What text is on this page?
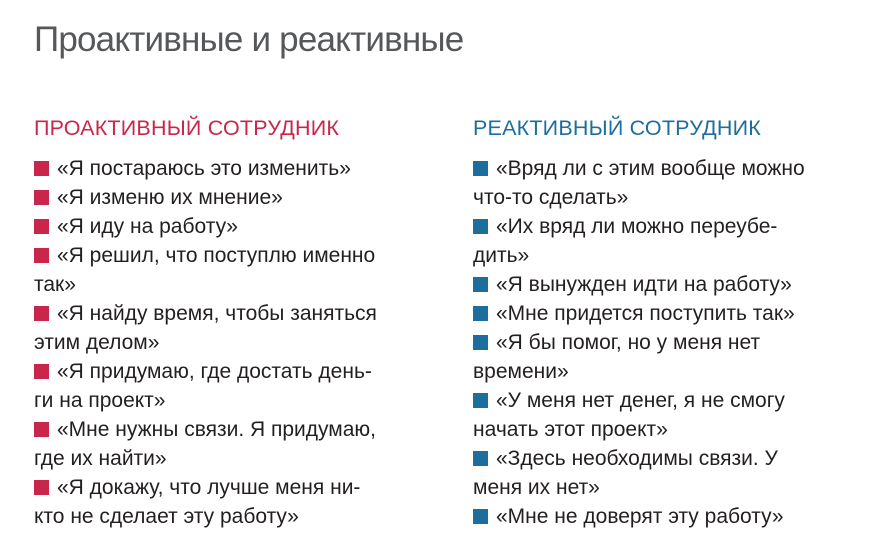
Проактивные и реактивные
ПРОАКТИВНЫЙ СОТРУДНИК
«Я постараюсь это изменить»
«Я изменю их мнение»
«Я иду на работу»
«Я решил, что поступлю именно
так»
«Я найду время, чтобы заняться
этим делом»
«Я придумаю, где достать день-
ги на проект»
«Мне нужны связи. Я придумаю,
где их найти»
«Я докажу, что лучше меня ни-
кто не сделает эту работу»
РЕАКТИВНЫЙ СОТРУДНИК
«Вряд ли с этим вообще можно
что-то сделать»
«Их вряд ли можно переубе-
дить»
«Я вынужден идти на работу»
«Мне придется поступить так»
«Я бы помог, но у меня нет
времени»
«У меня нет денег, я не смогу
начать этот проект»
«Здесь необходимы связи. У
меня их нет»
«Мне не доверят эту работу»
